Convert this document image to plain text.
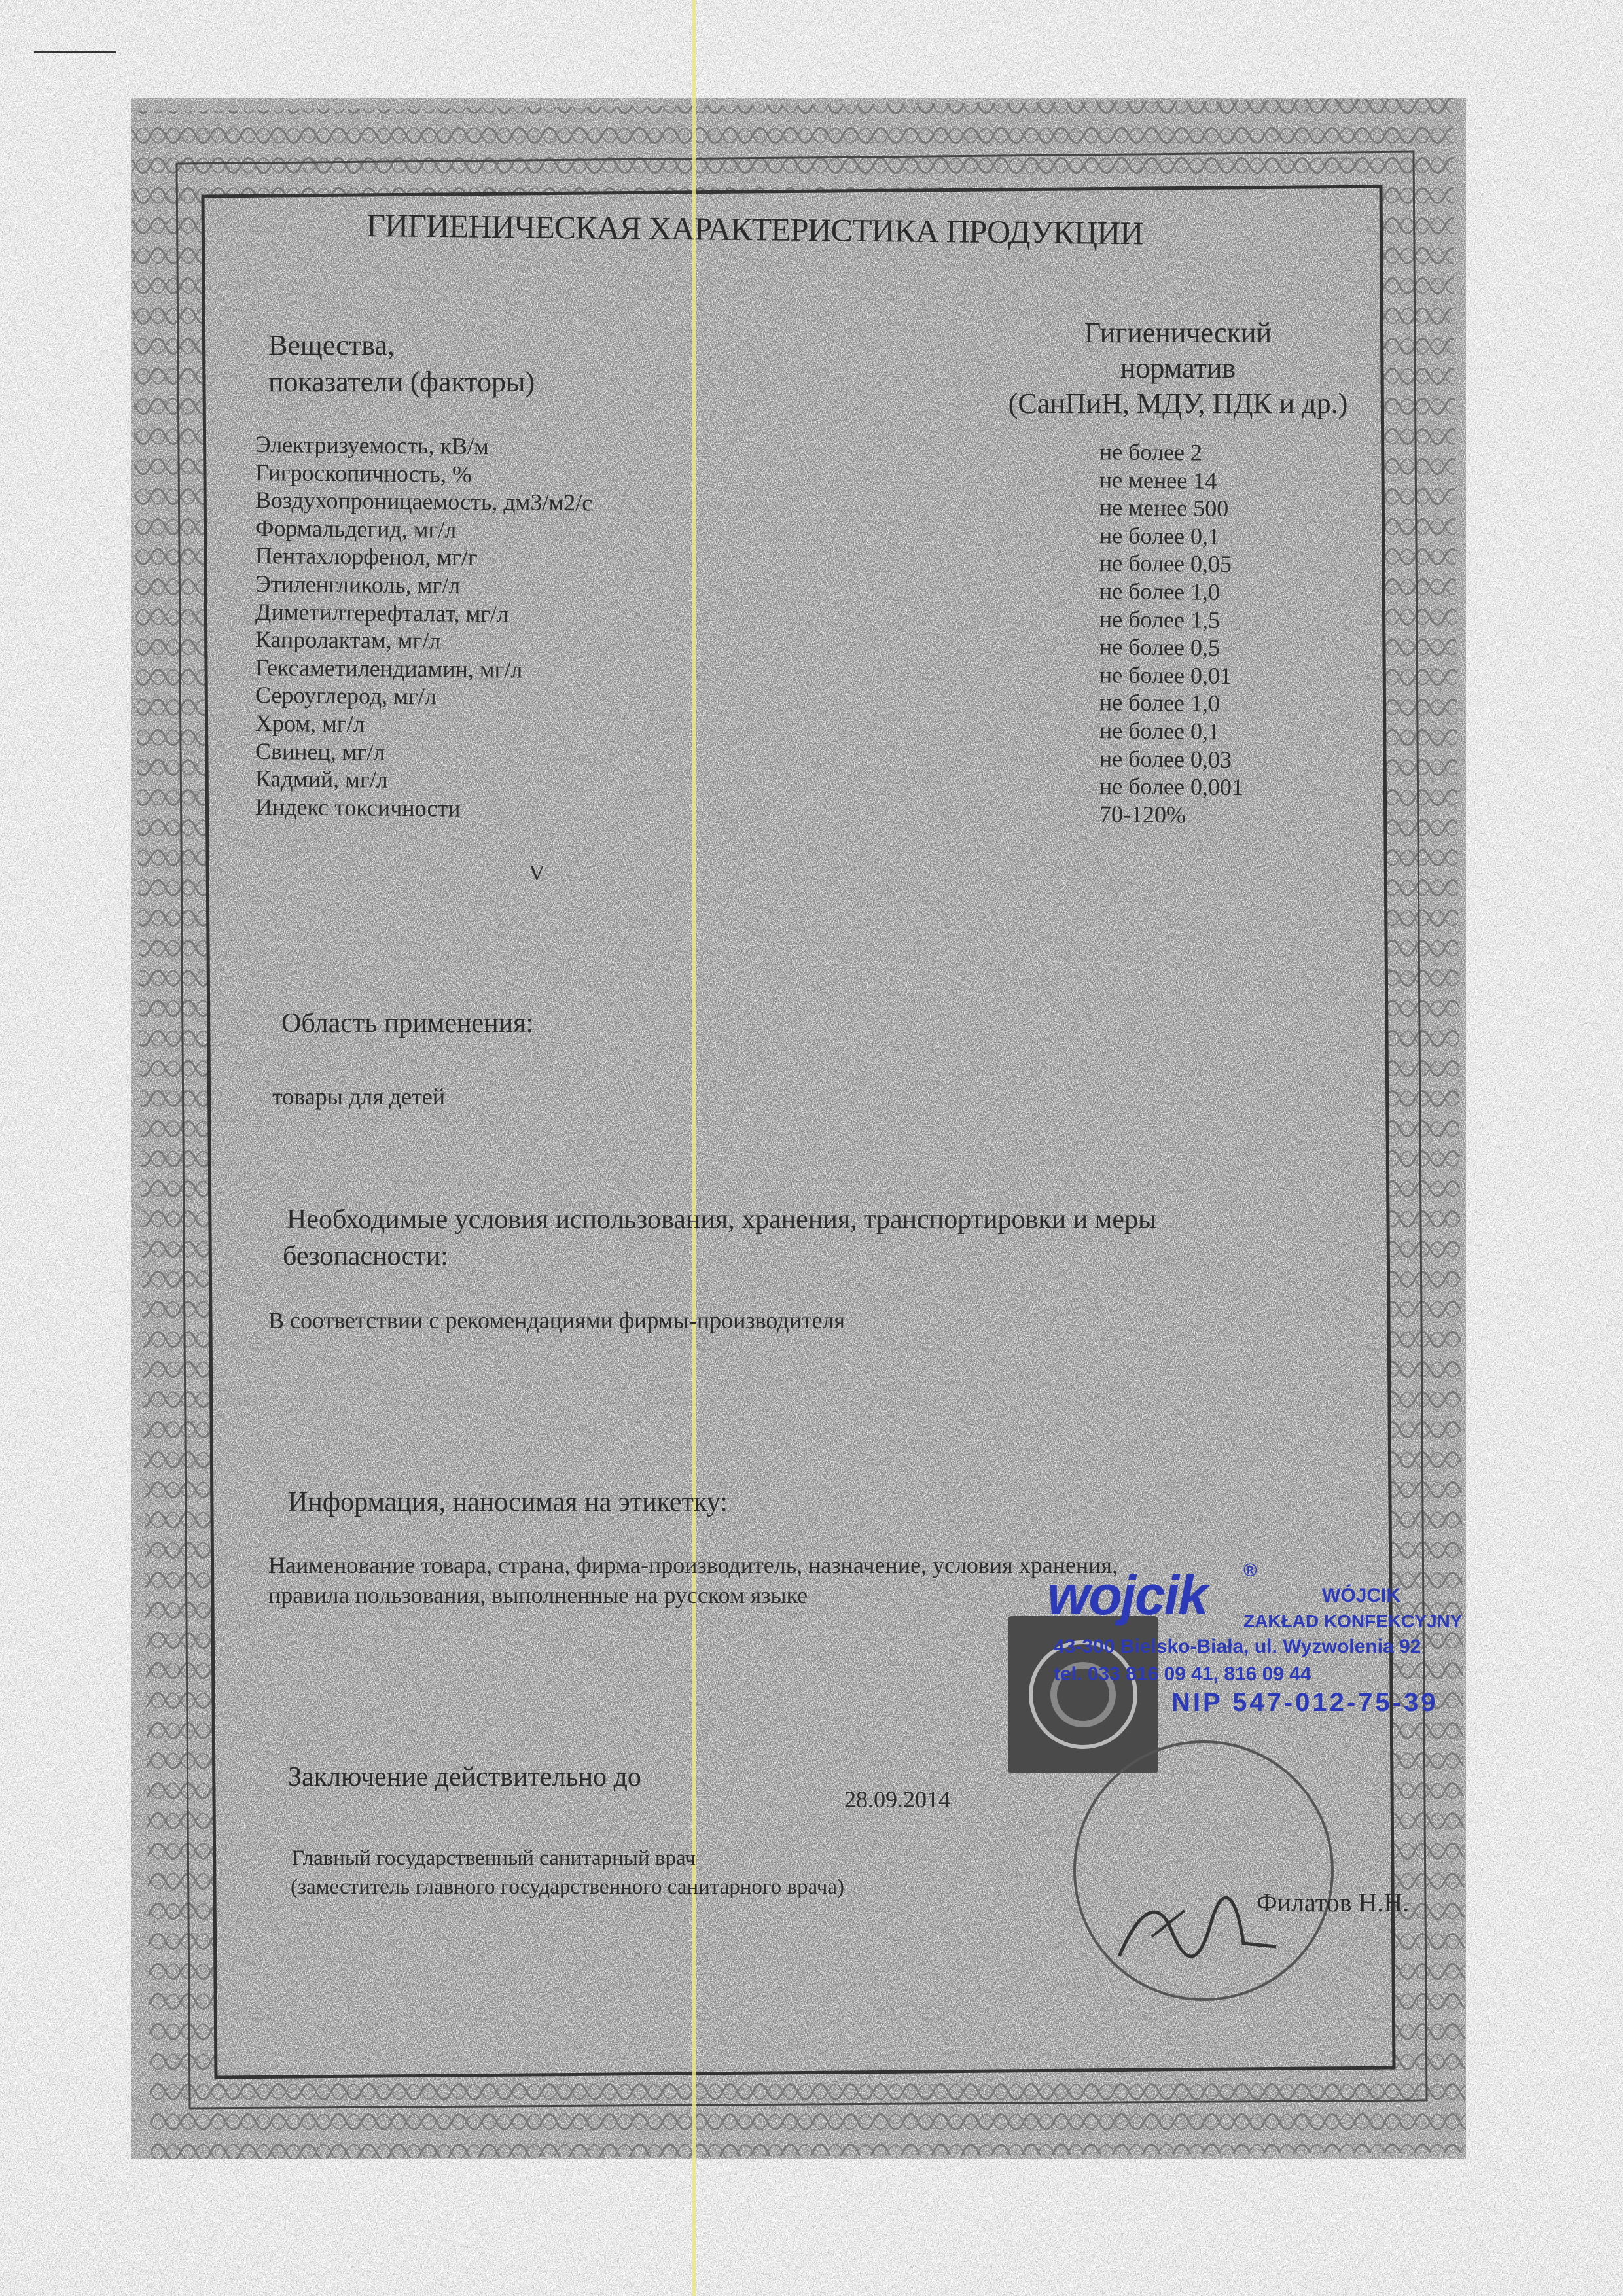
ГИГИЕНИЧЕСКАЯ ХАРАКТЕРИСТИКА ПРОДУКЦИИ
Вещества,
показатели (факторы)
Гигиенический
норматив
(СанПиН, МДУ, ПДК и др.)
Электризуемость, кВ/м	не более 2
Гигроскопичность, %	не менее 14
Воздухопроницаемость, дм3/м2/с	не менее 500
Формальдегид, мг/л	не более 0,1
Пентахлорфенол, мг/г	не более 0,05
Этиленгликоль, мг/л	не более 1,0
Диметилтерефталат, мг/л	не более 1,5
Капролактам, мг/л	не более 0,5
Гексаметилендиамин, мг/л	не более 0,01
Сероуглерод, мг/л	не более 1,0
Хром, мг/л	не более 0,1
Свинец, мг/л	не более 0,03
Кадмий, мг/л	не более 0,001
Индекс токсичности	70-120%
V
Область применения:
товары для детей
Необходимые условия использования, хранения, транспортировки и меры
безопасности:
В соответствии с рекомендациями фирмы-производителя
Информация, наносимая на этикетку:
Наименование товара, страна, фирма-производитель, назначение, условия хранения,
правила пользования, выполненные на русском языке
Заключение действительно до
28.09.2014
Главный государственный санитарный врач
(заместитель главного государственного санитарного врача)
wojcik ®
WÓJCIK
ZAKŁAD KONFEKCYJNY
43-300 Bielsko-Biała, ul. Wyzwolenia 92
tel. 033 816 09 41, 816 09 44
NIP 547-012-75-39
Филатов Н.Н.
